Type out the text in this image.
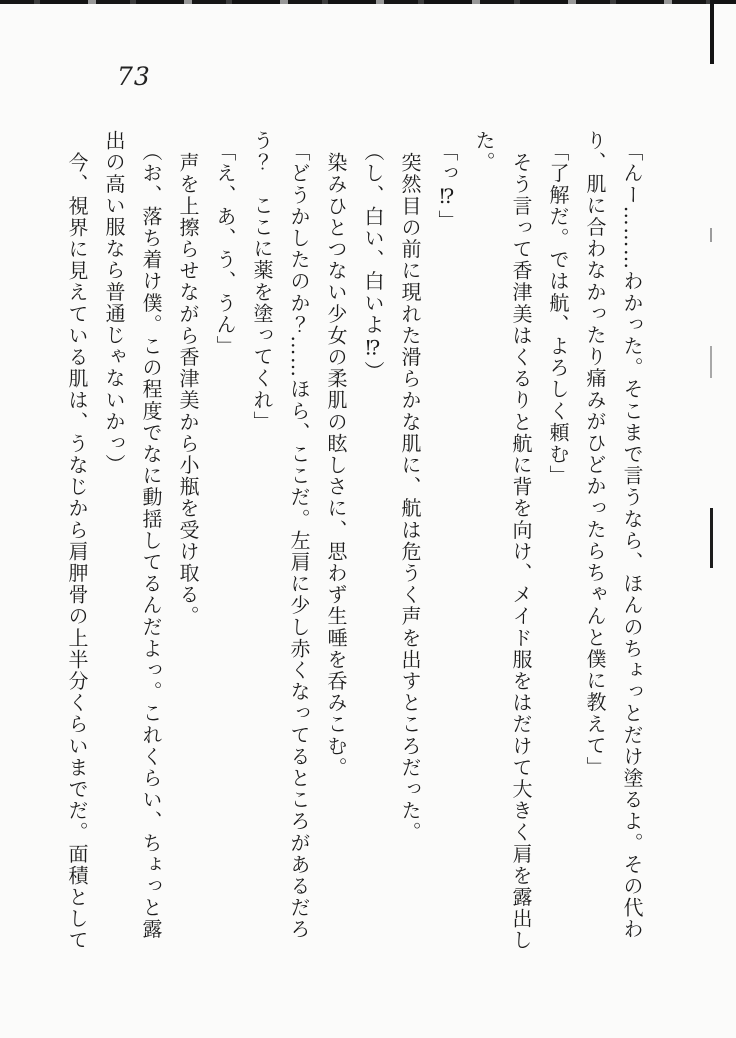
73

「んー………わかった。そこまで言うなら、ほんのちょっとだけ塗るよ。その代わり、肌に合わなかったり痛みがひどかったらちゃんと僕に教えて」

「了解だ。では航、よろしく頼む」

そう言って香津美はくるりと航に背を向け、メイド服をはだけて大きく肩を露出した。

「っ⁉」

突然目の前に現れた滑らかな肌に、航は危うく声を出すところだった。

（し、白い、白いよ⁉）

染みひとつない少女の柔肌の眩しさに、思わず生唾を呑みこむ。

「どうかしたのか？……ほら、ここだ。左肩に少し赤くなってるところがあるだろう？　ここに薬を塗ってくれ」

「え、あ、う、うん」

声を上擦らせながら香津美から小瓶を受け取る。

（お、落ち着け僕。この程度でなに動揺してるんだよっ。これくらい、ちょっと露出の高い服なら普通じゃないかっ）

今、視界に見えている肌は、うなじから肩胛骨の上半分くらいまでだ。面積として
